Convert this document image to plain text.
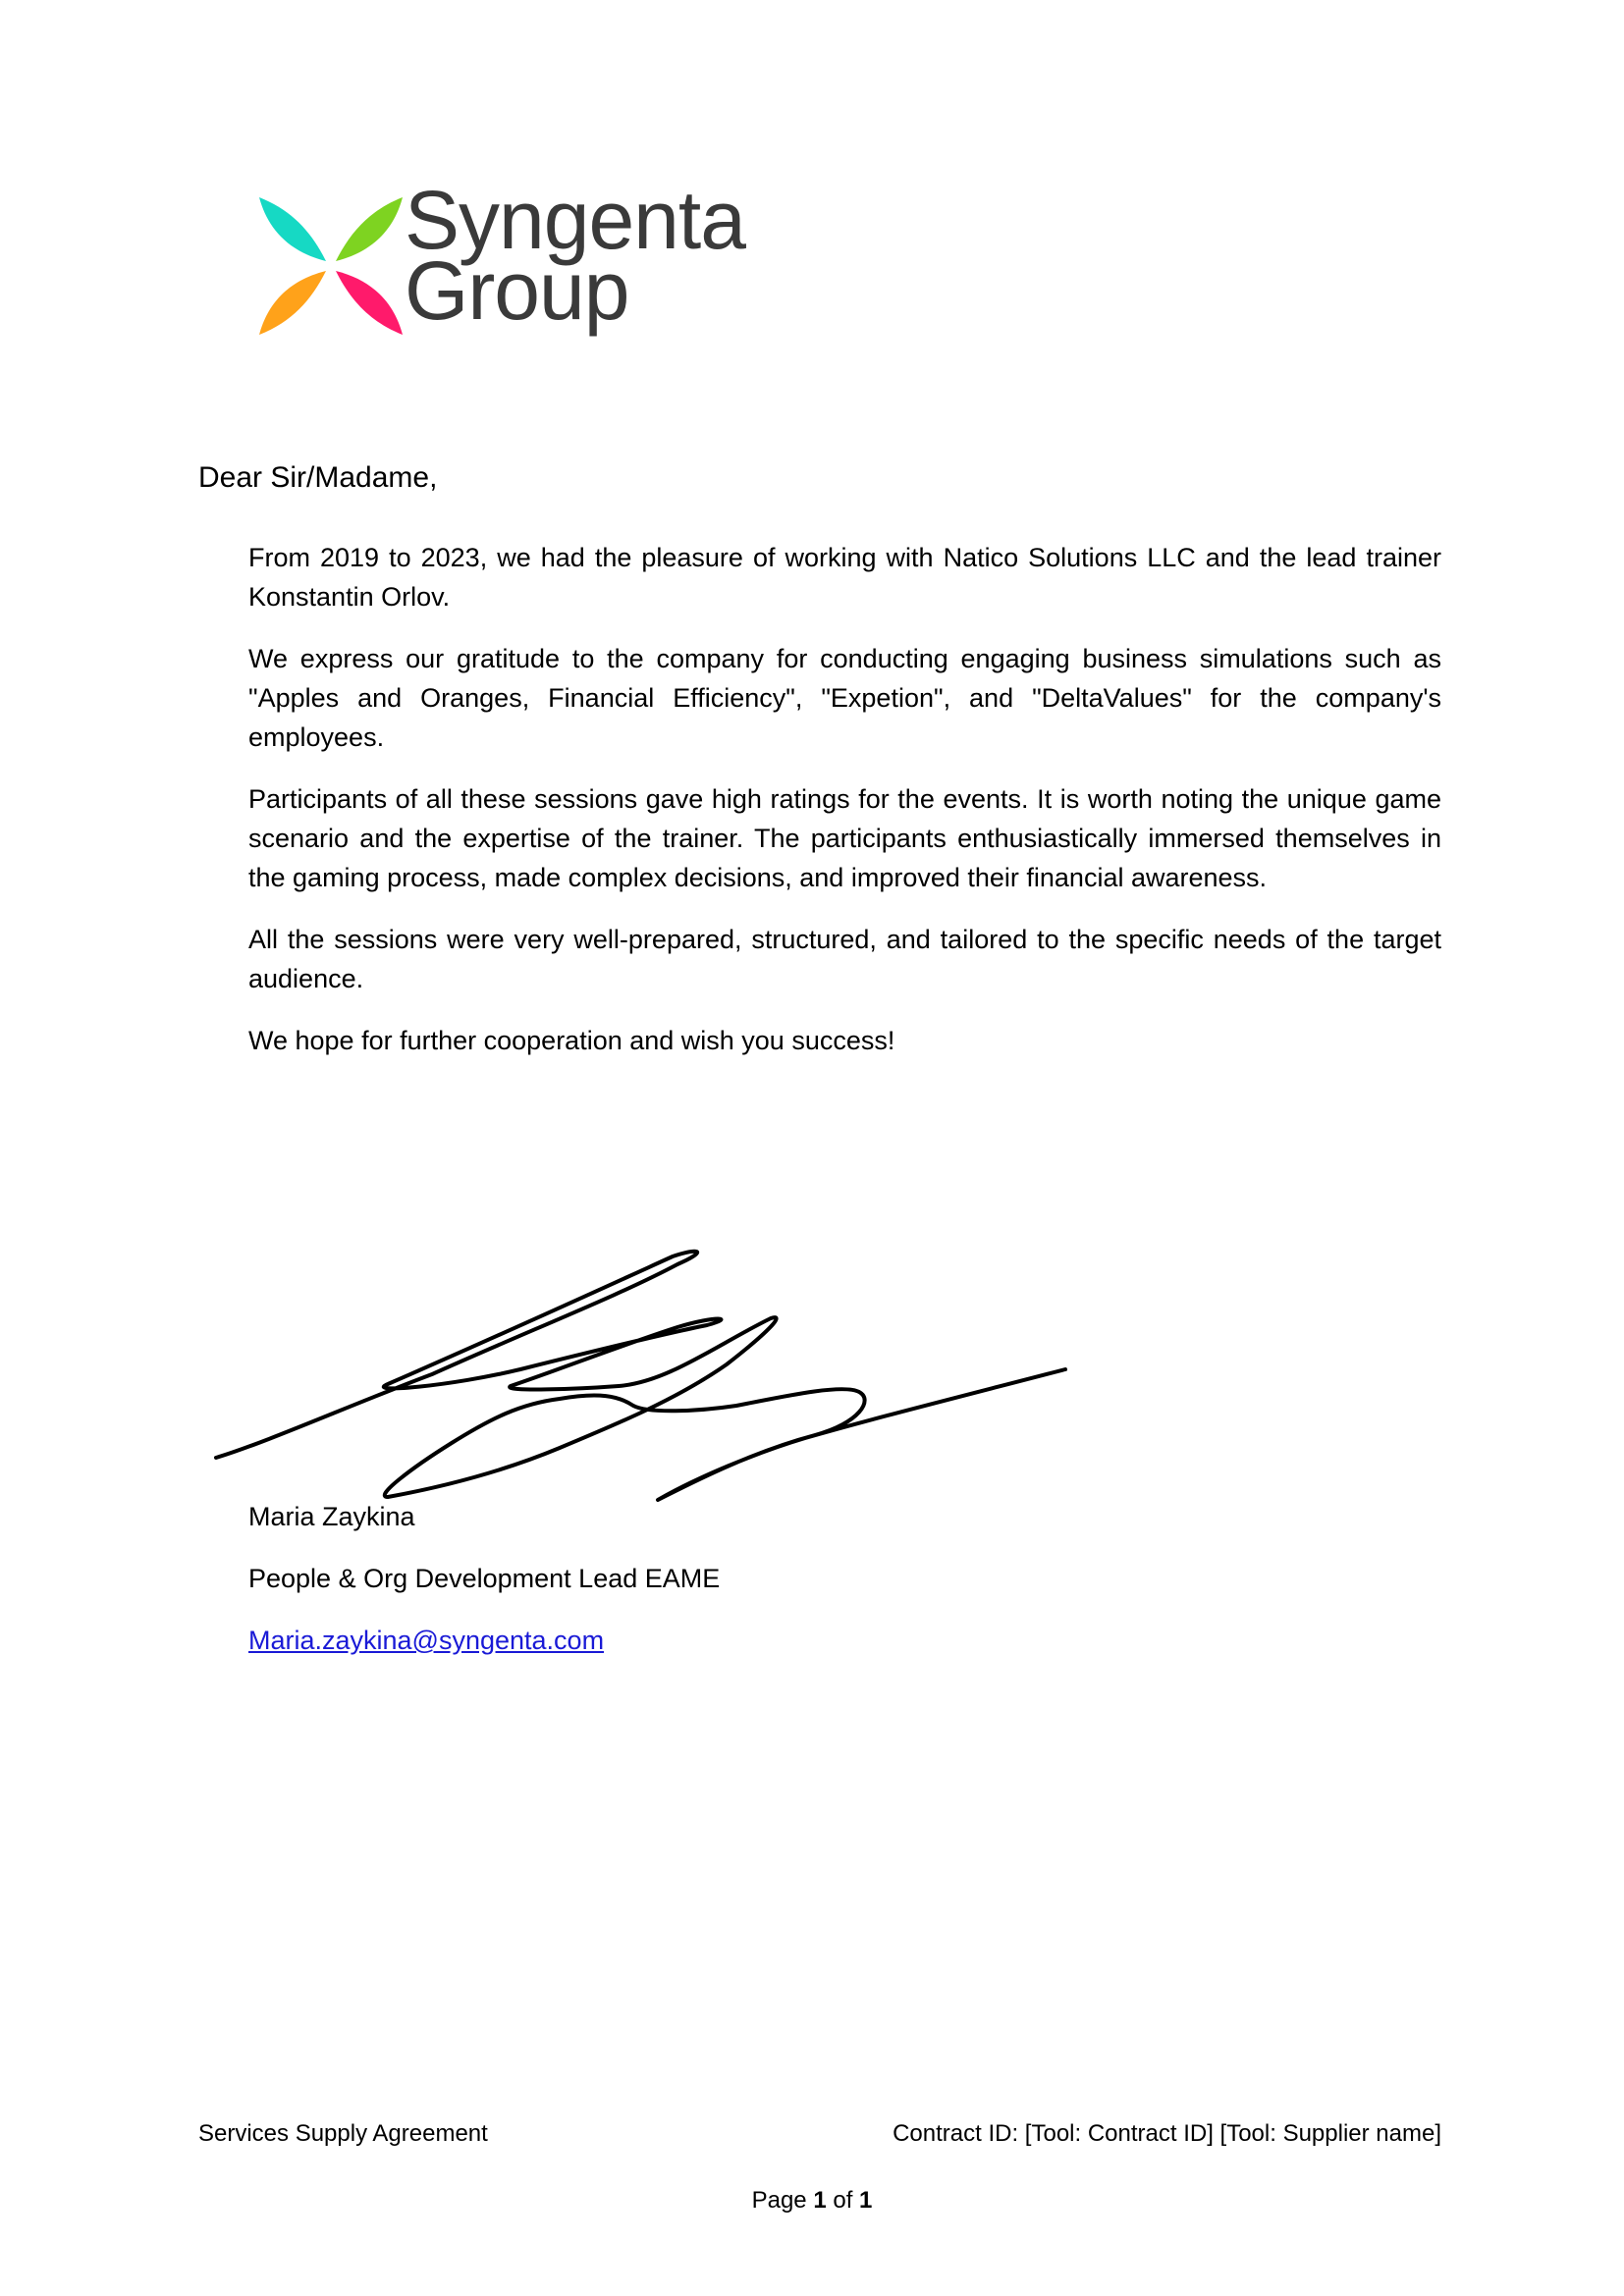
Syngenta
Group
Dear Sir/Madame,

From 2019 to 2023, we had the pleasure of working with Natico Solutions LLC and the lead trainer Konstantin Orlov.

We express our gratitude to the company for conducting engaging business simulations such as "Apples and Oranges, Financial Efficiency", "Expetion", and "DeltaValues" for the company's employees.

Participants of all these sessions gave high ratings for the events. It is worth noting the unique game scenario and the expertise of the trainer. The participants enthusiastically immersed themselves in the gaming process, made complex decisions, and improved their financial awareness.

All the sessions were very well-prepared, structured, and tailored to the specific needs of the target audience.

We hope for further cooperation and wish you success!

Maria Zaykina
People & Org Development Lead EAME
Maria.zaykina@syngenta.com
Services Supply Agreement	Contract ID: [Tool: Contract ID] [Tool: Supplier name]
Page 1 of 1
